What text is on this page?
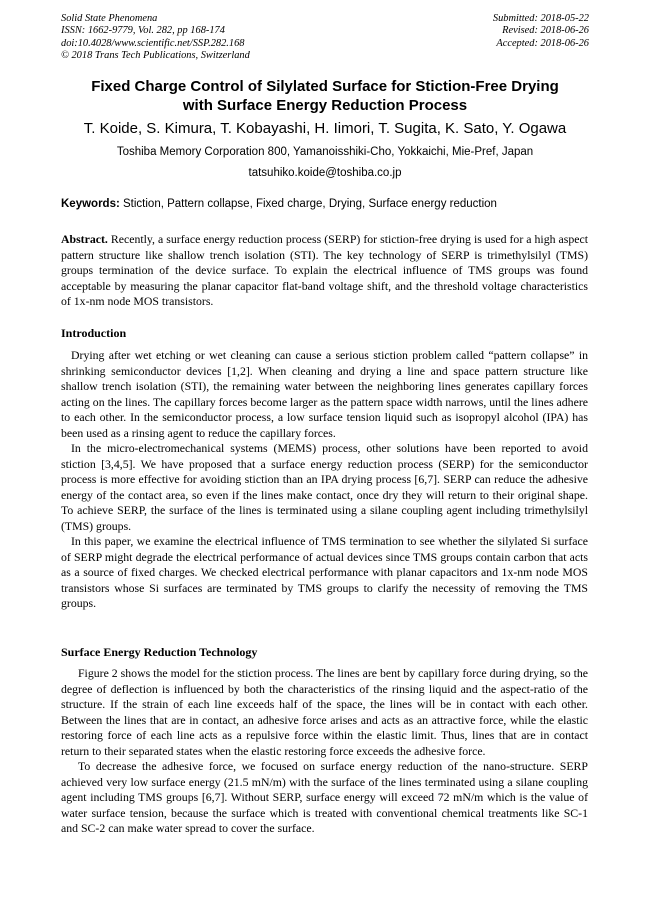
Solid State Phenomena
ISSN: 1662-9779, Vol. 282, pp 168-174
doi:10.4028/www.scientific.net/SSP.282.168
© 2018 Trans Tech Publications, Switzerland
Submitted: 2018-05-22
Revised: 2018-06-26
Accepted: 2018-06-26
Fixed Charge Control of Silylated Surface for Stiction-Free Drying
with Surface Energy Reduction Process
T. Koide, S. Kimura, T. Kobayashi, H. Iimori, T. Sugita, K. Sato, Y. Ogawa
Toshiba Memory Corporation 800, Yamanoisshiki-Cho, Yokkaichi, Mie-Pref, Japan
tatsuhiko.koide@toshiba.co.jp
Keywords: Stiction, Pattern collapse, Fixed charge, Drying, Surface energy reduction

Abstract. Recently, a surface energy reduction process (SERP) for stiction-free drying is used for a high aspect pattern structure like shallow trench isolation (STI). The key technology of SERP is trimethylsilyl (TMS) groups termination of the device surface. To explain the electrical influence of TMS groups was found acceptable by measuring the planar capacitor flat-band voltage shift, and the threshold voltage characteristics of 1x-nm node MOS transistors.

Introduction

Drying after wet etching or wet cleaning can cause a serious stiction problem called “pattern collapse” in shrinking semiconductor devices [1,2]. When cleaning and drying a line and space pattern structure like shallow trench isolation (STI), the remaining water between the neighboring lines generates capillary forces acting on the lines. The capillary forces become larger as the pattern space width narrows, until the lines adhere to each other. In the semiconductor process, a low surface tension liquid such as isopropyl alcohol (IPA) has been used as a rinsing agent to reduce the capillary forces.

In the micro-electromechanical systems (MEMS) process, other solutions have been reported to avoid stiction [3,4,5]. We have proposed that a surface energy reduction process (SERP) for the semiconductor process is more effective for avoiding stiction than an IPA drying process [6,7]. SERP can reduce the adhesive energy of the contact area, so even if the lines make contact, once dry they will return to their original shape. To achieve SERP, the surface of the lines is terminated using a silane coupling agent including trimethylsilyl (TMS) groups.

In this paper, we examine the electrical influence of TMS termination to see whether the silylated Si surface of SERP might degrade the electrical performance of actual devices since TMS groups contain carbon that acts as a source of fixed charges. We checked electrical performance with planar capacitors and 1x-nm node MOS transistors whose Si surfaces are terminated by TMS groups to clarify the necessity of removing the TMS groups.

Surface Energy Reduction Technology

Figure 2 shows the model for the stiction process. The lines are bent by capillary force during drying, so the degree of deflection is influenced by both the characteristics of the rinsing liquid and the aspect-ratio of the structure. If the strain of each line exceeds half of the space, the lines will be in contact with each other. Between the lines that are in contact, an adhesive force arises and acts as an attractive force, while the elastic restoring force of each line acts as a repulsive force within the elastic limit. Thus, lines that are in contact return to their separated states when the elastic restoring force exceeds the adhesive force.

To decrease the adhesive force, we focused on surface energy reduction of the nano-structure. SERP achieved very low surface energy (21.5 mN/m) with the surface of the lines terminated using a silane coupling agent including TMS groups [6,7]. Without SERP, surface energy will exceed 72 mN/m which is the value of water surface tension, because the surface which is treated with conventional chemical treatments like SC-1 and SC-2 can make water spread to cover the surface.
